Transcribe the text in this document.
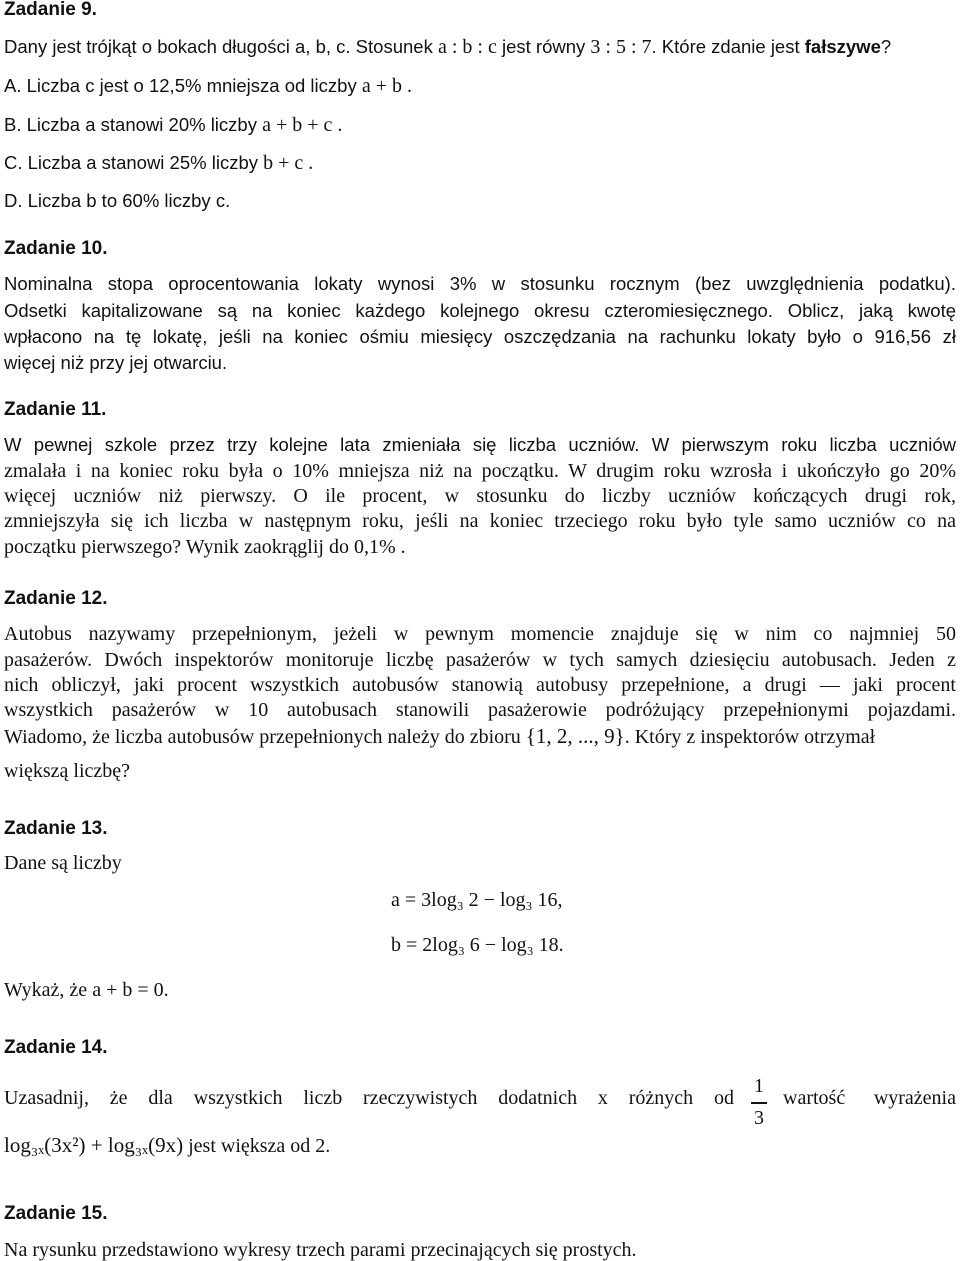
Zadanie 9.
Dany jest trójkąt o bokach długości a, b, c. Stosunek a : b : c jest równy 3 : 5 : 7. Które zdanie jest fałszywe?
A. Liczba c jest o 12,5% mniejsza od liczby a + b .
B. Liczba a stanowi 20% liczby a + b + c .
C. Liczba a stanowi 25% liczby b + c .
D. Liczba b to 60% liczby c.
Zadanie 10.
Nominalna stopa oprocentowania lokaty wynosi 3% w stosunku rocznym (bez uwzględnienia podatku).
Odsetki kapitalizowane są na koniec każdego kolejnego okresu czteromiesięcznego. Oblicz, jaką kwotę
wpłacono na tę lokatę, jeśli na koniec ośmiu miesięcy oszczędzania na rachunku lokaty było o 916,56 zł
więcej niż przy jej otwarciu.
Zadanie 11.
W pewnej szkole przez trzy kolejne lata zmieniała się liczba uczniów. W pierwszym roku liczba uczniów
zmalała i na koniec roku była o 10% mniejsza niż na początku. W drugim roku wzrosła i ukończyło go 20%
więcej uczniów niż pierwszy. O ile procent, w stosunku do liczby uczniów kończących drugi rok,
zmniejszyła się ich liczba w następnym roku, jeśli na koniec trzeciego roku było tyle samo uczniów co na
początku pierwszego? Wynik zaokrąglij do 0,1% .
Zadanie 12.
Autobus nazywamy przepełnionym, jeżeli w pewnym momencie znajduje się w nim co najmniej 50
pasażerów. Dwóch inspektorów monitoruje liczbę pasażerów w tych samych dziesięciu autobusach. Jeden z
nich obliczył, jaki procent wszystkich autobusów stanowią autobusy przepełnione, a drugi — jaki procent
wszystkich pasażerów w 10 autobusach stanowili pasażerowie podróżujący przepełnionymi pojazdami.
Wiadomo, że liczba autobusów przepełnionych należy do zbioru {1, 2, ..., 9}. Który z inspektorów otrzymał
większą liczbę?
Zadanie 13.
Dane są liczby
a = 3log₃ 2 − log₃ 16,
b = 2log₃ 6 − log₃ 18.
Wykaż, że a + b = 0.
Zadanie 14.
Uzasadnij, że dla wszystkich liczb rzeczywistych dodatnich x różnych od
1
3
wartość wyrażenia
log₃ₓ(3x²) + log₃ₓ(9x) jest większa od 2.
Zadanie 15.
Na rysunku przedstawiono wykresy trzech parami przecinających się prostych.
